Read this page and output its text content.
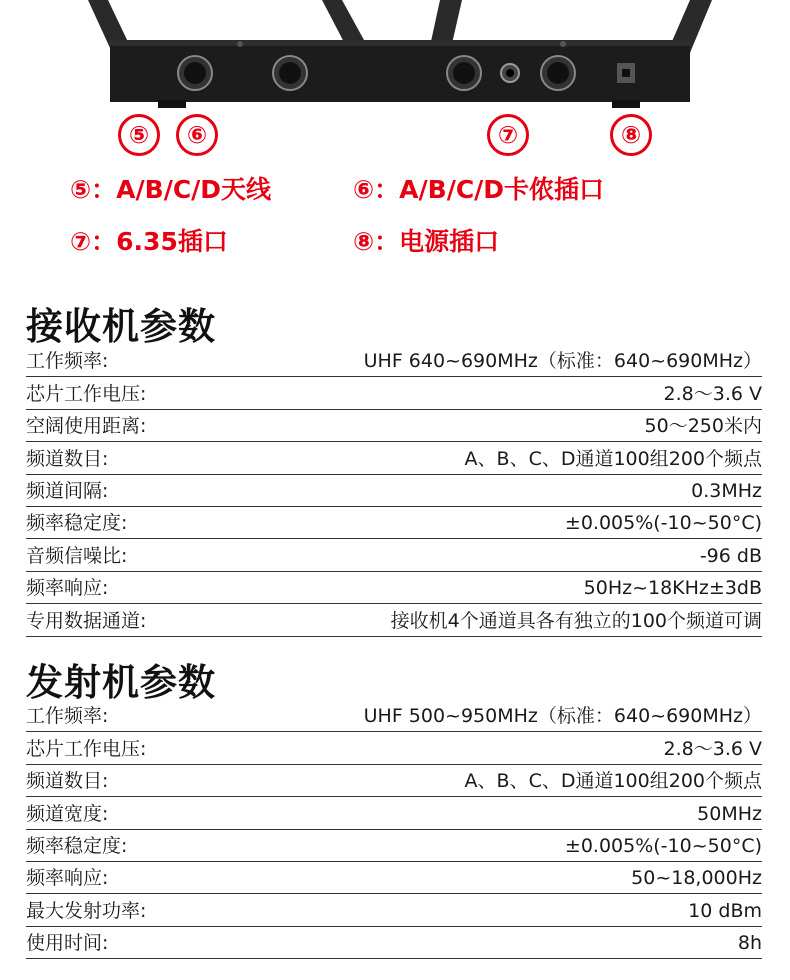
⑤	⑥	⑦	⑧
⑤：A/B/C/D天线	⑥：A/B/C/D卡侬插口
⑦：6.35插口	⑧：电源插口
接收机参数
工作频率:	UHF 640~690MHz（标准：640~690MHz）
芯片工作电压:	2.8～3.6 V
空阔使用距离:	50～250米内
频道数目:	A、B、C、D通道100组200个频点
频道间隔:	0.3MHz
频率稳定度:	±0.005%(-10~50°C)
音频信噪比:	-96 dB
频率响应:	50Hz~18KHz±3dB
专用数据通道:	接收机4个通道具各有独立的100个频道可调
发射机参数
工作频率:	UHF 500~950MHz（标准：640~690MHz）
芯片工作电压:	2.8～3.6 V
频道数目:	A、B、C、D通道100组200个频点
频道宽度:	50MHz
频率稳定度:	±0.005%(-10~50°C)
频率响应:	50~18,000Hz
最大发射功率:	10 dBm
使用时间:	8h
